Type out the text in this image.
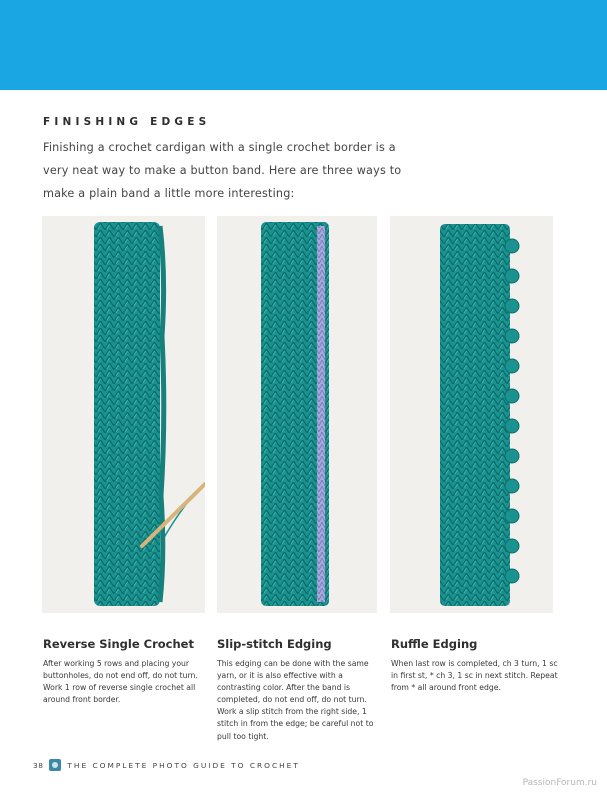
FINISHING EDGES
Finishing a crochet cardigan with a single crochet border is a very neat way to make a button band. Here are three ways to make a plain band a little more interesting:
Reverse Single Crochet
After working 5 rows and placing your buttonholes, do not end off, do not turn. Work 1 row of reverse single crochet all around front border.
Slip-stitch Edging
This edging can be done with the same yarn, or it is also effective with a contrasting color. After the band is completed, do not end off, do not turn. Work a slip stitch from the right side, 1 stitch in from the edge; be careful not to pull too tight.
Ruffle Edging
When last row is completed, ch 3 turn, 1 sc in first st, * ch 3, 1 sc in next stitch. Repeat from * all around front edge.
38	THE COMPLETE PHOTO GUIDE TO CROCHET
PassionForum.ru
